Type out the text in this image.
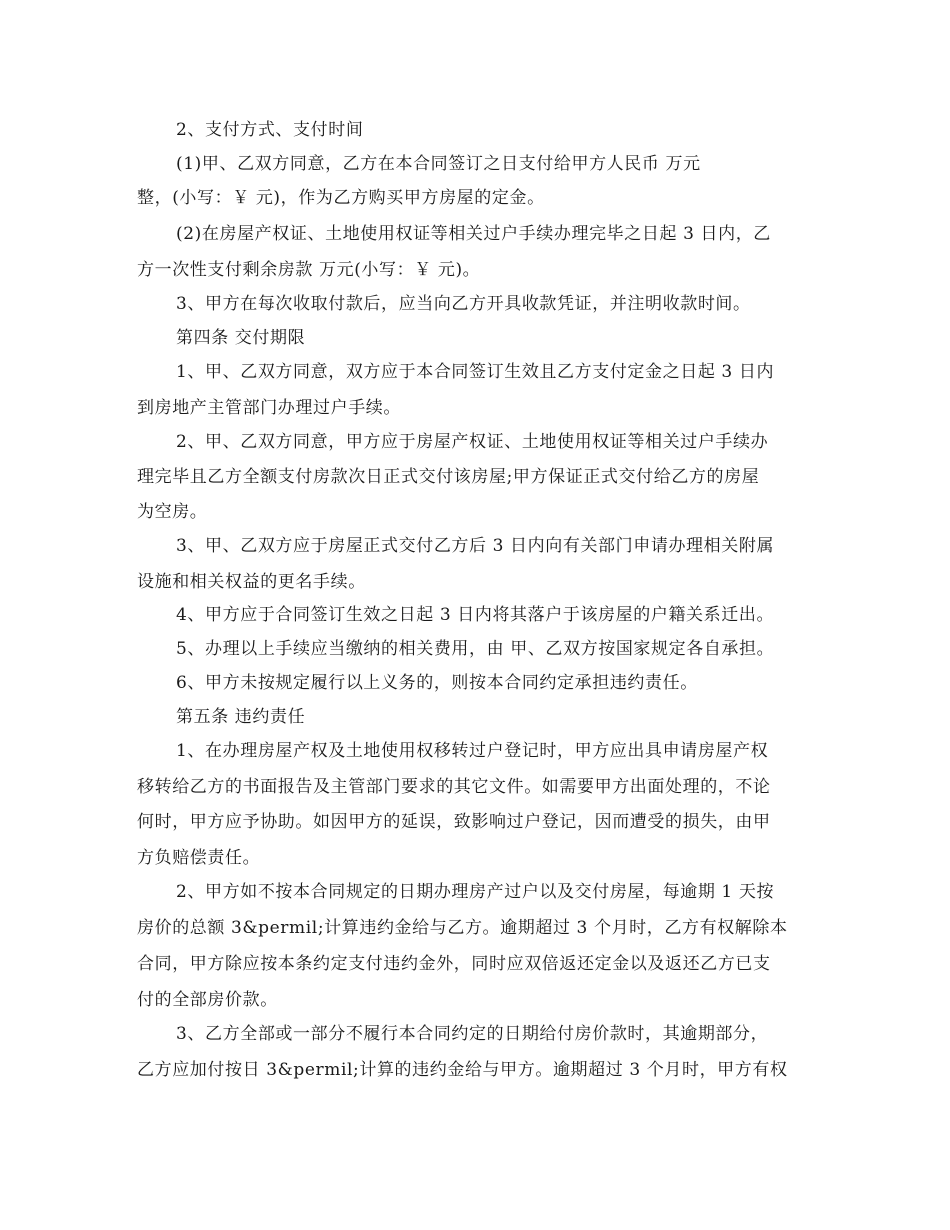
2、支付方式、支付时间
(1)甲、乙双方同意，乙方在本合同签订之日支付给甲方人民币 万元
整，(小写：￥ 元)，作为乙方购买甲方房屋的定金。
(2)在房屋产权证、土地使用权证等相关过户手续办理完毕之日起 3 日内，乙
方一次性支付剩余房款 万元(小写：￥ 元)。
3、甲方在每次收取付款后，应当向乙方开具收款凭证，并注明收款时间。
第四条 交付期限
1、甲、乙双方同意，双方应于本合同签订生效且乙方支付定金之日起 3 日内
到房地产主管部门办理过户手续。
2、甲、乙双方同意，甲方应于房屋产权证、土地使用权证等相关过户手续办
理完毕且乙方全额支付房款次日正式交付该房屋;甲方保证正式交付给乙方的房屋
为空房。
3、甲、乙双方应于房屋正式交付乙方后 3 日内向有关部门申请办理相关附属
设施和相关权益的更名手续。
4、甲方应于合同签订生效之日起 3 日内将其落户于该房屋的户籍关系迁出。
5、办理以上手续应当缴纳的相关费用，由 甲、乙双方按国家规定各自承担。
6、甲方未按规定履行以上义务的，则按本合同约定承担违约责任。
第五条 违约责任
1、在办理房屋产权及土地使用权移转过户登记时，甲方应出具申请房屋产权
移转给乙方的书面报告及主管部门要求的其它文件。如需要甲方出面处理的，不论
何时，甲方应予协助。如因甲方的延误，致影响过户登记，因而遭受的损失，由甲
方负赔偿责任。
2、甲方如不按本合同规定的日期办理房产过户以及交付房屋，每逾期 1 天按
房价的总额 3&permil;计算违约金给与乙方。逾期超过 3 个月时，乙方有权解除本
合同，甲方除应按本条约定支付违约金外，同时应双倍返还定金以及返还乙方已支
付的全部房价款。
3、乙方全部或一部分不履行本合同约定的日期给付房价款时，其逾期部分，
乙方应加付按日 3&permil;计算的违约金给与甲方。逾期超过 3 个月时，甲方有权
